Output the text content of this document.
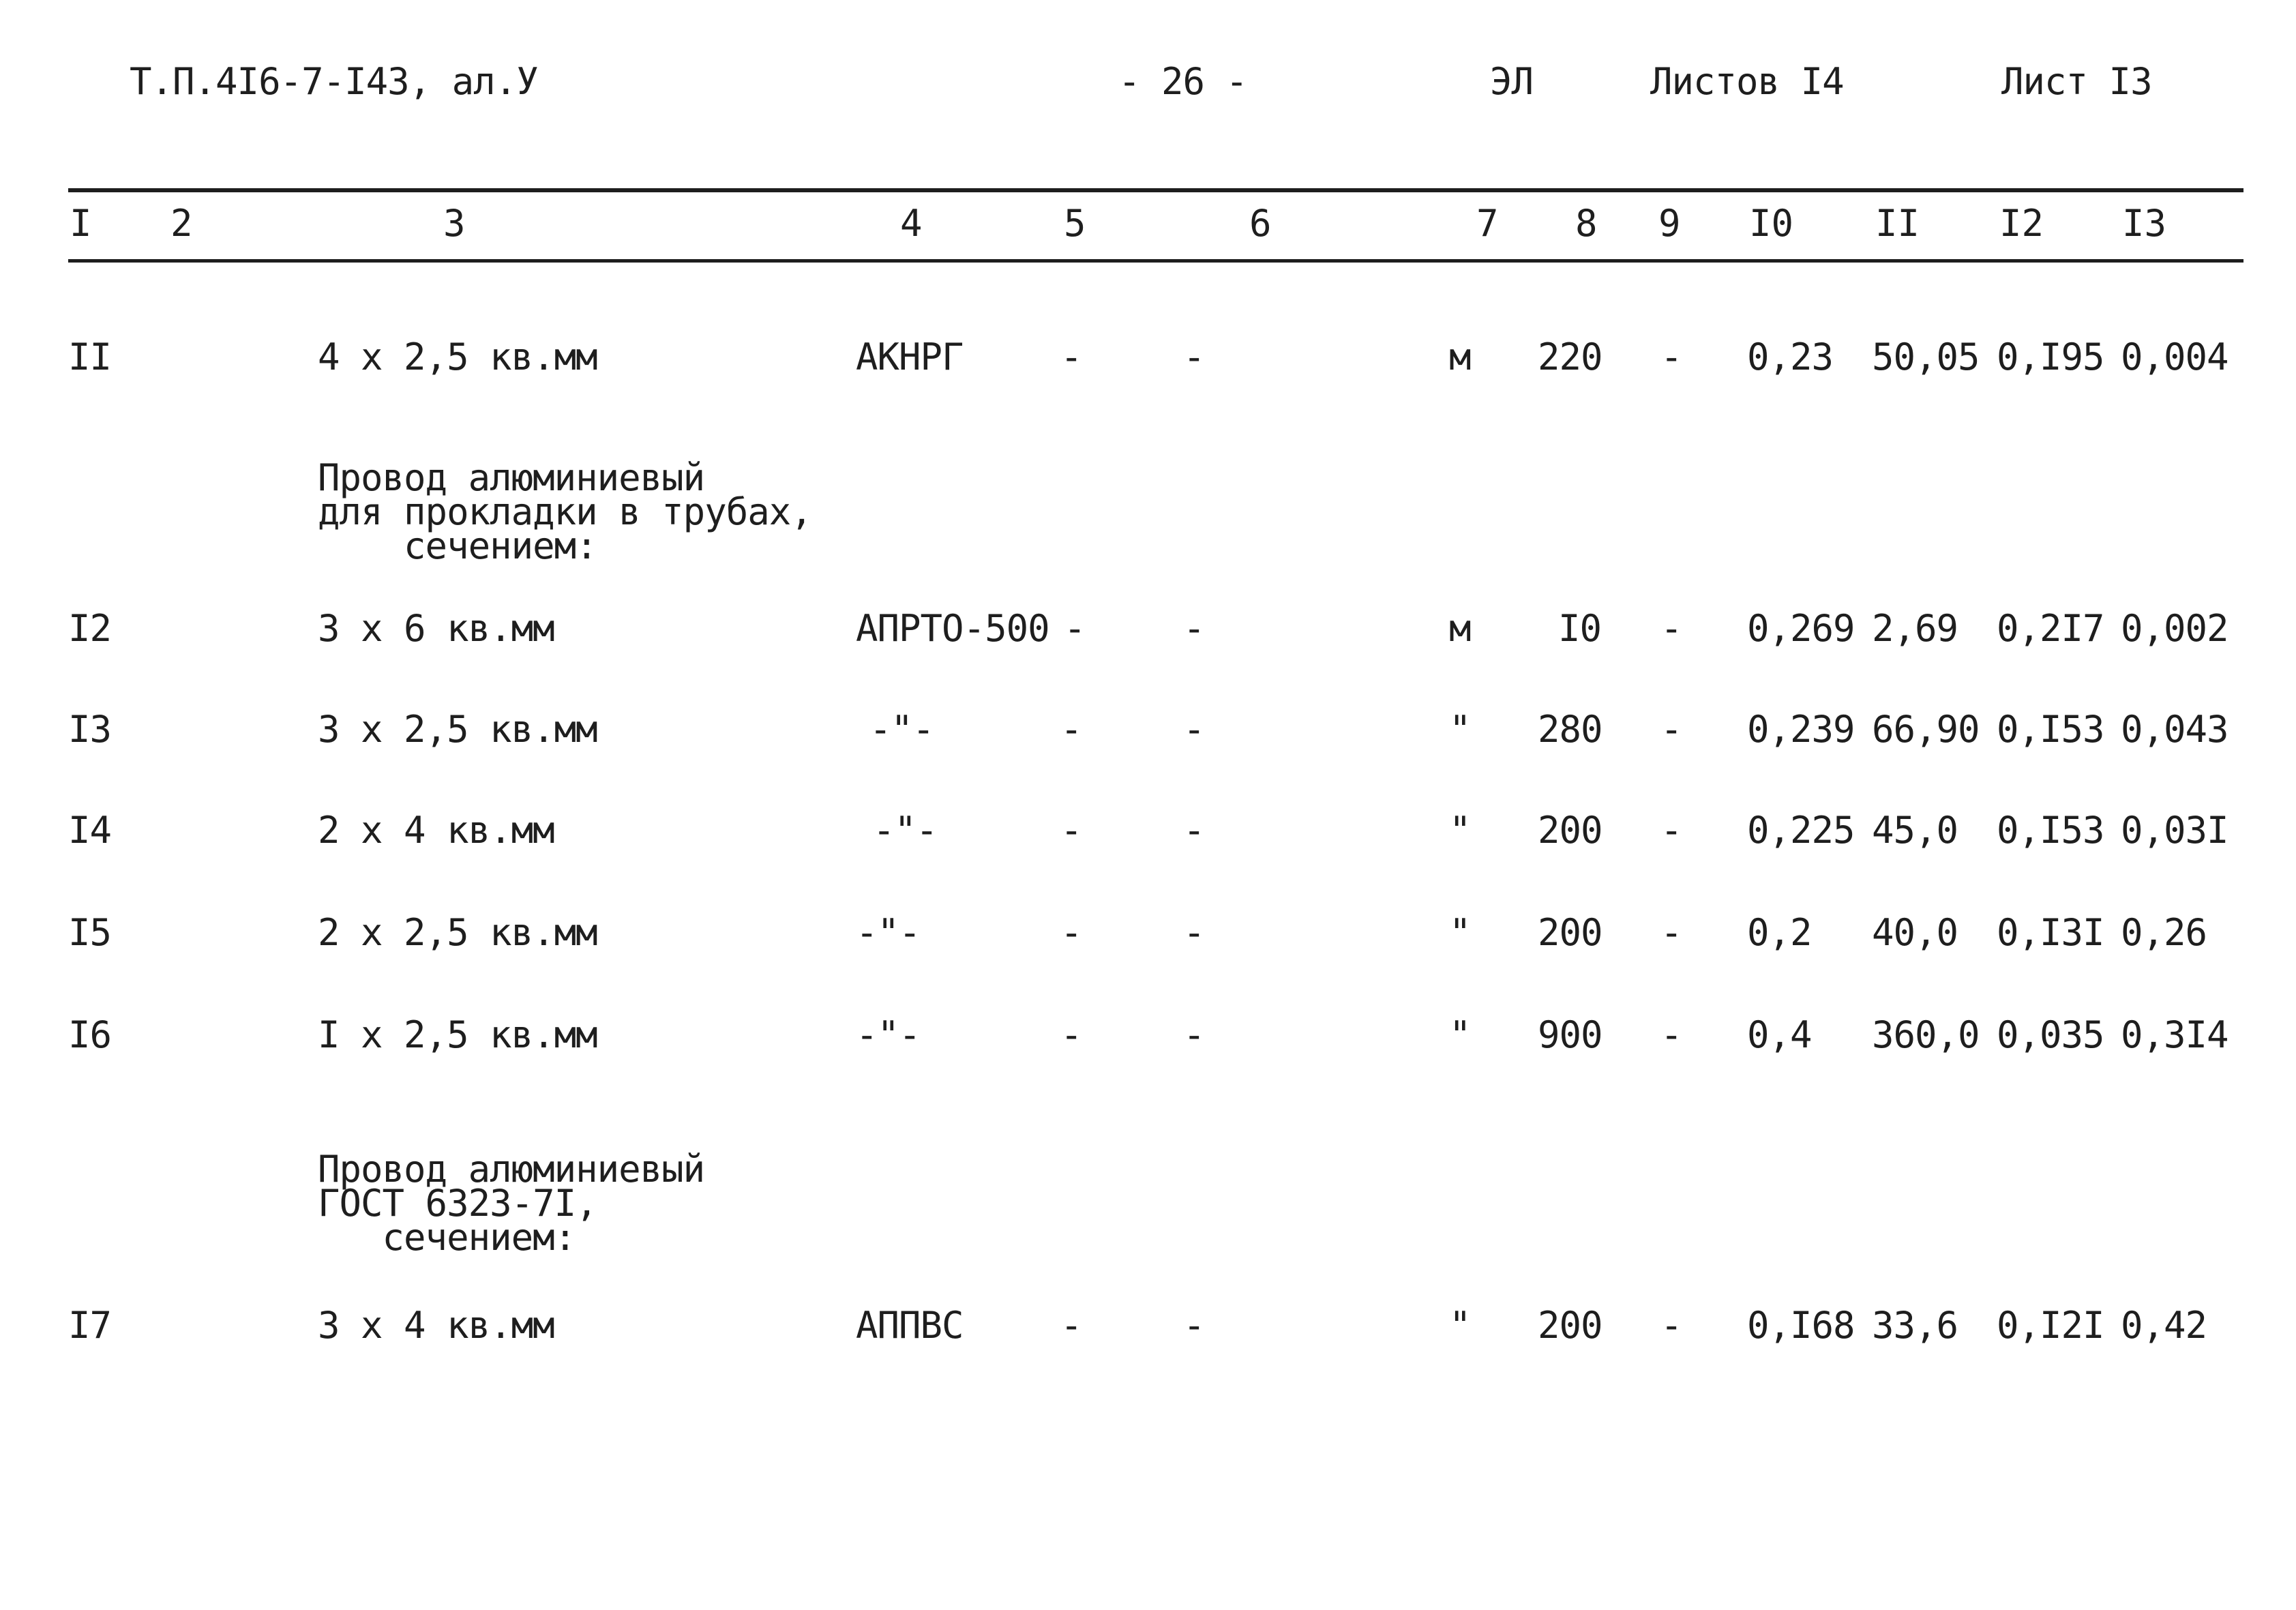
Т.П.4I6-7-I43, ал.У	- 26 -	ЭЛ	Листов I4	Лист I3
I 2	3	4	5	6	7 8 9 I0 II I2 I3
II	4 x 2,5 кв.мм	АКНРГ	-	-	м 220 - 0,23 50,05 0,I95 0,004
Провод алюминиевый
для прокладки в трубах,
сечением:
I2	3 x 6 кв.мм	АПРТО-500 -	-	м I0 - 0,269 2,69 0,2I7 0,002
I3	3 x 2,5 кв.мм	-"-	-	-	" 280 - 0,239 66,90 0,I53 0,043
I4	2 x 4 кв.мм	-"-	-	-	" 200 - 0,225 45,0 0,I53 0,03I
I5	2 x 2,5 кв.мм	-"-	-	-	" 200 - 0,2 40,0 0,I3I 0,26
I6	I x 2,5 кв.мм	-"-	-	-	" 900 - 0,4 360,0 0,035 0,3I4
Провод алюминиевый
ГОСТ 6323-7I,
сечением:
I7	3 x 4 кв.мм	АППВС	-	-	" 200 - 0,I68 33,6 0,I2I 0,42
